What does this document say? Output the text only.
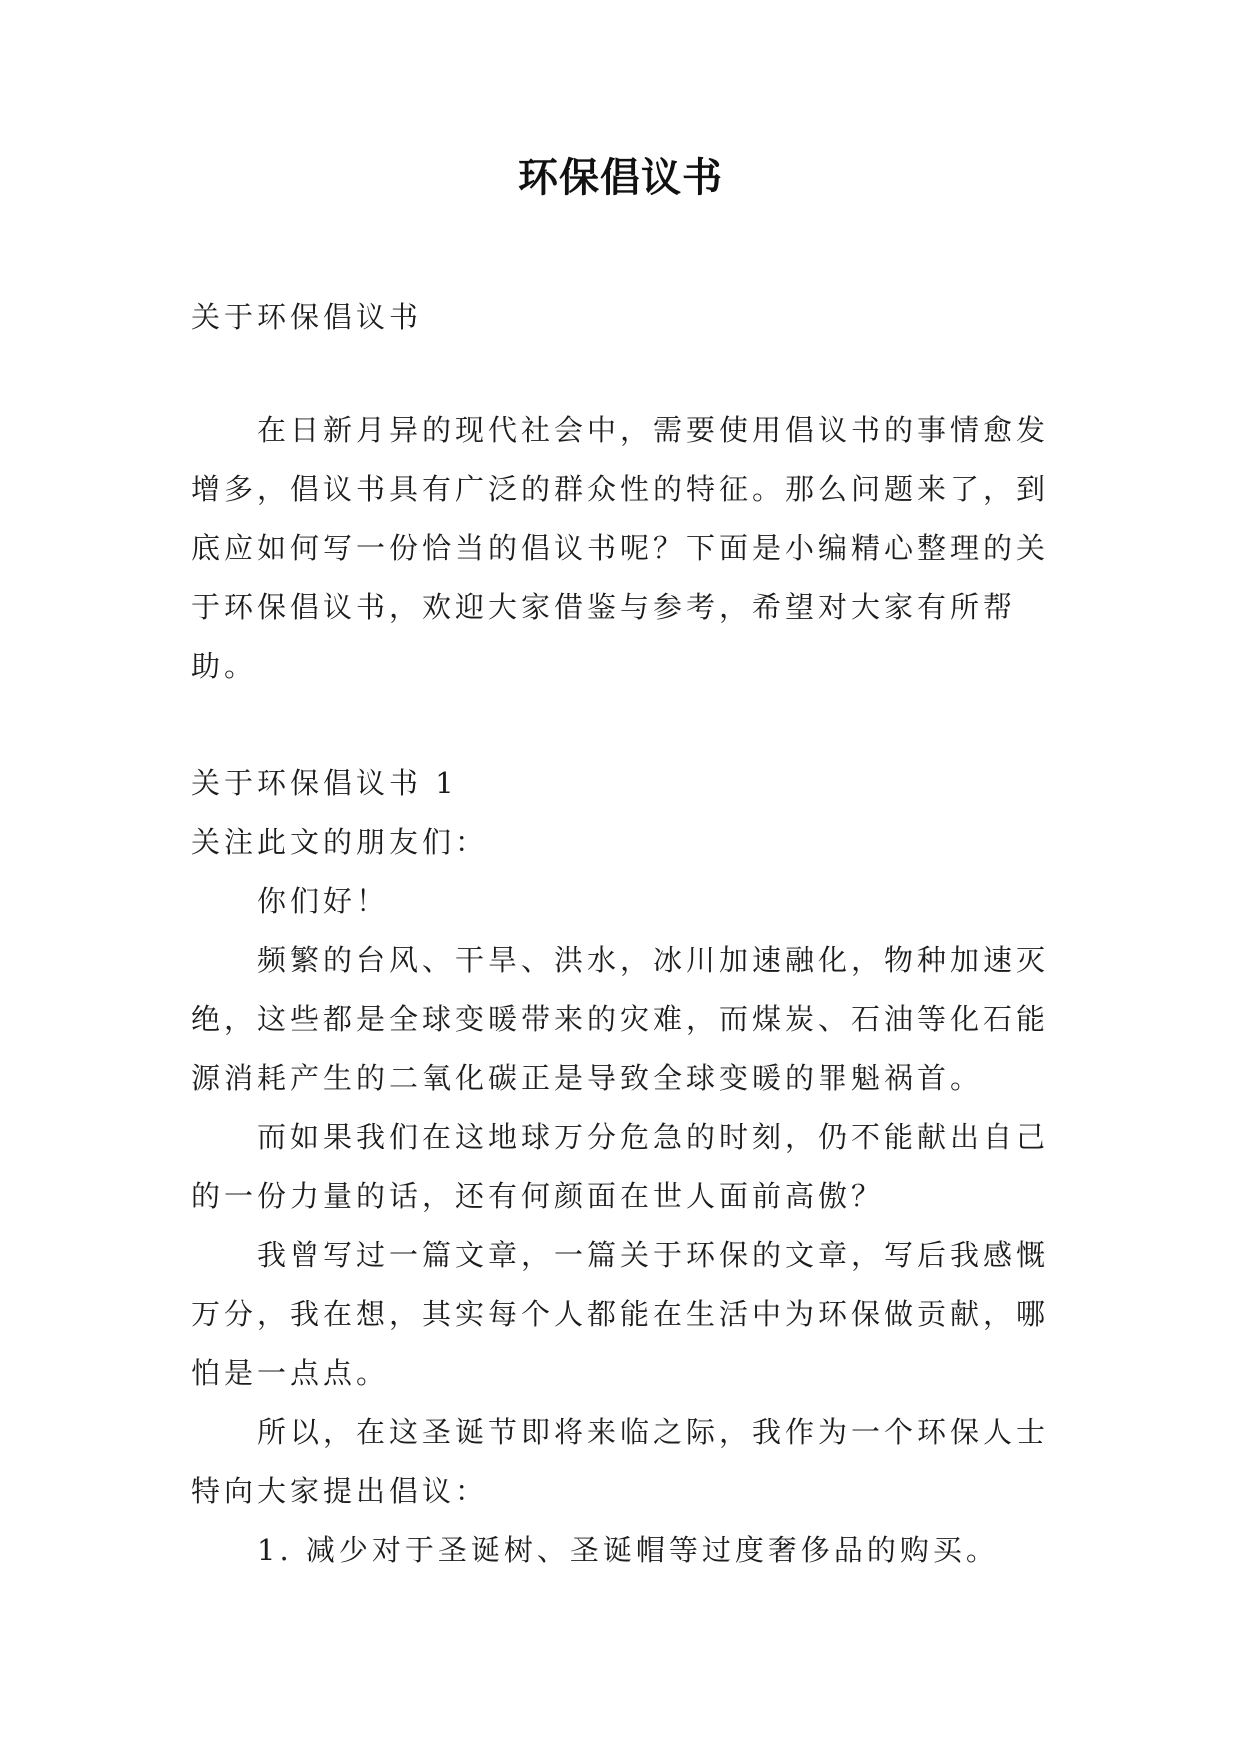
环保倡议书

关于环保倡议书

在日新月异的现代社会中，需要使用倡议书的事情愈发增多，倡议书具有广泛的群众性的特征。那么问题来了，到底应如何写一份恰当的倡议书呢？下面是小编精心整理的关于环保倡议书，欢迎大家借鉴与参考，希望对大家有所帮助。

关于环保倡议书 1

关注此文的朋友们：

你们好！

频繁的台风、干旱、洪水，冰川加速融化，物种加速灭绝，这些都是全球变暖带来的灾难，而煤炭、石油等化石能源消耗产生的二氧化碳正是导致全球变暖的罪魁祸首。

而如果我们在这地球万分危急的时刻，仍不能献出自己的一份力量的话，还有何颜面在世人面前高傲？

我曾写过一篇文章，一篇关于环保的文章，写后我感慨万分，我在想，其实每个人都能在生活中为环保做贡献，哪怕是一点点。

所以，在这圣诞节即将来临之际，我作为一个环保人士特向大家提出倡议：

1. 减少对于圣诞树、圣诞帽等过度奢侈品的购买。
